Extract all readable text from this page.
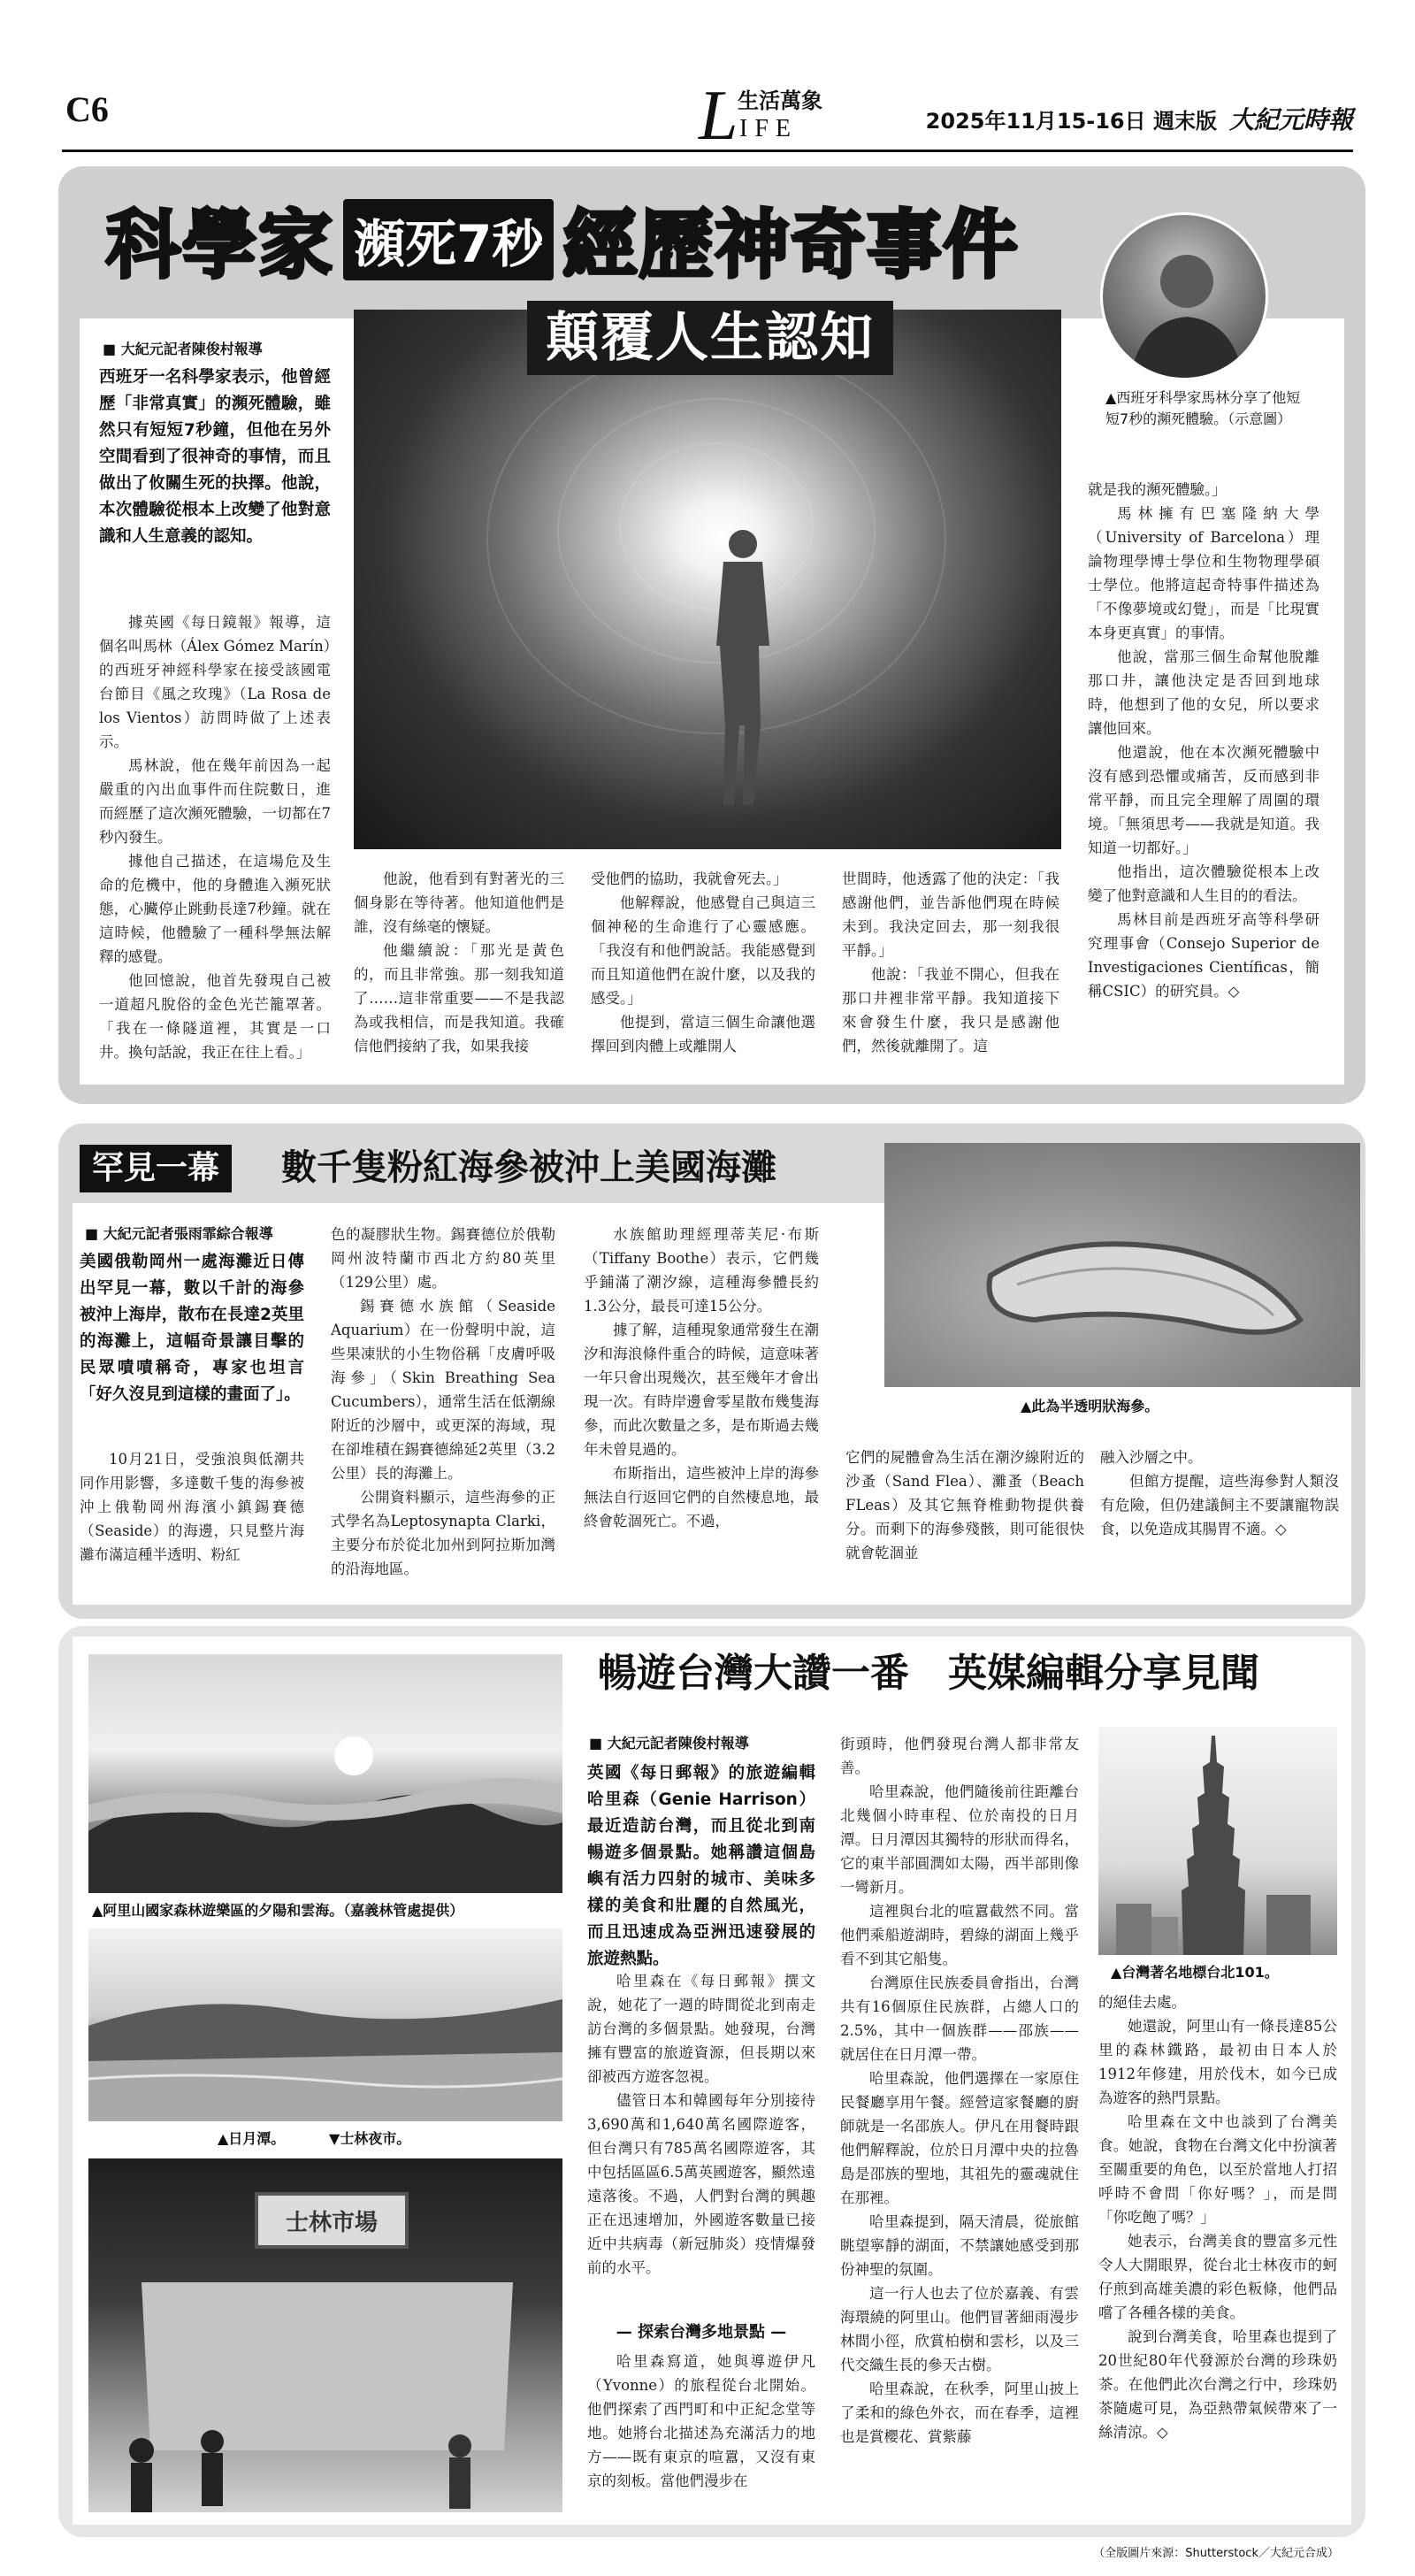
C6	L 生活萬象
IFE	2025年11月15-16日 週末版 大紀元時報
科學家 瀕死7秒 經歷神奇事件
顛覆人生認知
▲西班牙科學家馬林分享了他短短7秒的瀕死體驗。（示意圖）
■ 大紀元記者陳俊村報導
西班牙一名科學家表示，他曾經歷「非常真實」的瀕死體驗，雖然只有短短7秒鐘，但他在另外空間看到了很神奇的事情，而且做出了攸關生死的抉擇。他說，本次體驗從根本上改變了他對意識和人生意義的認知。

據英國《每日鏡報》報導，這個名叫馬林（Álex Gómez Marín）的西班牙神經科學家在接受該國電台節目《風之玫瑰》（La Rosa de los Vientos）訪問時做了上述表示。

馬林說，他在幾年前因為一起嚴重的內出血事件而住院數日，進而經歷了這次瀕死體驗，一切都在7秒內發生。

據他自己描述，在這場危及生命的危機中，他的身體進入瀕死狀態，心臟停止跳動長達7秒鐘。就在這時候，他體驗了一種科學無法解釋的感覺。

他回憶說，他首先發現自己被一道超凡脫俗的金色光芒籠罩著。「我在一條隧道裡，其實是一口井。換句話說，我正在往上看。」

他說，他看到有對著光的三個身影在等待著。他知道他們是誰，沒有絲毫的懷疑。

他繼續說：「那光是黃色的，而且非常強。那一刻我知道了……這非常重要——不是我認為或我相信，而是我知道。我確信他們接納了我，如果我接

受他們的協助，我就會死去。」

他解釋說，他感覺自己與這三個神秘的生命進行了心靈感應。「我沒有和他們說話。我能感覺到而且知道他們在說什麼，以及我的感受。」

他提到，當這三個生命讓他選擇回到肉體上或離開人

世間時，他透露了他的決定：「我感謝他們，並告訴他們現在時候未到。我決定回去，那一刻我很平靜。」

他說：「我並不開心，但我在那口井裡非常平靜。我知道接下來會發生什麼，我只是感謝他們，然後就離開了。這

就是我的瀕死體驗。」

馬林擁有巴塞隆納大學（University of Barcelona）理論物理學博士學位和生物物理學碩士學位。他將這起奇特事件描述為「不像夢境或幻覺」，而是「比現實本身更真實」的事情。

他說，當那三個生命幫他脫離那口井，讓他決定是否回到地球時，他想到了他的女兒，所以要求讓他回來。

他還說，他在本次瀕死體驗中沒有感到恐懼或痛苦，反而感到非常平靜，而且完全理解了周圍的環境。「無須思考——我就是知道。我知道一切都好。」

他指出，這次體驗從根本上改變了他對意識和人生目的的看法。

馬林目前是西班牙高等科學研究理事會（Consejo Superior de Investigaciones Científicas，簡稱CSIC）的研究員。◇

罕見一幕	數千隻粉紅海參被沖上美國海灘
▲此為半透明狀海參。
■ 大紀元記者張雨霏綜合報導
美國俄勒岡州一處海灘近日傳出罕見一幕，數以千計的海參被沖上海岸，散布在長達2英里的海灘上，這幅奇景讓目擊的民眾嘖嘖稱奇，專家也坦言「好久沒見到這樣的畫面了」。

10月21日，受強浪與低潮共同作用影響，多達數千隻的海參被沖上俄勒岡州海濱小鎮錫賽德（Seaside）的海邊，只見整片海灘布滿這種半透明、粉紅

色的凝膠狀生物。錫賽德位於俄勒岡州波特蘭市西北方約80英里（129公里）處。

錫賽德水族館（Seaside Aquarium）在一份聲明中說，這些果凍狀的小生物俗稱「皮膚呼吸海參」（Skin Breathing Sea Cucumbers），通常生活在低潮線附近的沙層中，或更深的海域，現在卻堆積在錫賽德綿延2英里（3.2公里）長的海灘上。

公開資料顯示，這些海參的正式學名為Leptosynapta Clarki，主要分布於從北加州到阿拉斯加灣的沿海地區。

水族館助理經理蒂芙尼·布斯（Tiffany Boothe）表示，它們幾乎鋪滿了潮汐線，這種海參體長約1.3公分，最長可達15公分。

據了解，這種現象通常發生在潮汐和海浪條件重合的時候，這意味著一年只會出現幾次，甚至幾年才會出現一次。有時岸邊會零星散布幾隻海參，而此次數量之多，是布斯過去幾年未曾見過的。

布斯指出，這些被沖上岸的海參無法自行返回它們的自然棲息地，最終會乾涸死亡。不過，

它們的屍體會為生活在潮汐線附近的沙蚤（Sand Flea）、灘蚤（Beach FLeas）及其它無脊椎動物提供養分。而剩下的海參殘骸，則可能很快就會乾涸並

融入沙層之中。

但館方提醒，這些海參對人類沒有危險，但仍建議飼主不要讓寵物誤食，以免造成其腸胃不適。◇

暢遊台灣大讚一番　英媒編輯分享見聞
▲阿里山國家森林遊樂區的夕陽和雲海。（嘉義林管處提供）
▲日月潭。	▼士林夜市。
士林市場
■ 大紀元記者陳俊村報導
英國《每日郵報》的旅遊編輯哈里森（Genie Harrison）最近造訪台灣，而且從北到南暢遊多個景點。她稱讚這個島嶼有活力四射的城市、美味多樣的美食和壯麗的自然風光，而且迅速成為亞洲迅速發展的旅遊熱點。

哈里森在《每日郵報》撰文說，她花了一週的時間從北到南走訪台灣的多個景點。她發現，台灣擁有豐富的旅遊資源，但長期以來卻被西方遊客忽視。

儘管日本和韓國每年分別接待3,690萬和1,640萬名國際遊客，但台灣只有785萬名國際遊客，其中包括區區6.5萬英國遊客，顯然遠遠落後。不過，人們對台灣的興趣正在迅速增加，外國遊客數量已接近中共病毒（新冠肺炎）疫情爆發前的水平。

— 探索台灣多地景點 —

哈里森寫道，她與導遊伊凡（Yvonne）的旅程從台北開始。他們探索了西門町和中正紀念堂等地。她將台北描述為充滿活力的地方——既有東京的喧囂，又沒有東京的刻板。當他們漫步在

街頭時，他們發現台灣人都非常友善。

哈里森說，他們隨後前往距離台北幾個小時車程、位於南投的日月潭。日月潭因其獨特的形狀而得名，它的東半部圓潤如太陽，西半部則像一彎新月。

這裡與台北的喧囂截然不同。當他們乘船遊湖時，碧綠的湖面上幾乎看不到其它船隻。

台灣原住民族委員會指出，台灣共有16個原住民族群，占總人口的2.5%，其中一個族群——邵族——就居住在日月潭一帶。

哈里森說，他們選擇在一家原住民餐廳享用午餐。經營這家餐廳的廚師就是一名邵族人。伊凡在用餐時跟他們解釋說，位於日月潭中央的拉魯島是邵族的聖地，其祖先的靈魂就住在那裡。

哈里森提到，隔天清晨，從旅館眺望寧靜的湖面，不禁讓她感受到那份神聖的氛圍。

這一行人也去了位於嘉義、有雲海環繞的阿里山。他們冒著細雨漫步林間小徑，欣賞柏樹和雲杉，以及三代交織生長的參天古樹。

哈里森說，在秋季，阿里山披上了柔和的綠色外衣，而在春季，這裡也是賞櫻花、賞紫藤

▲台灣著名地標台北101。

的絕佳去處。

她還說，阿里山有一條長達85公里的森林鐵路，最初由日本人於1912年修建，用於伐木，如今已成為遊客的熱門景點。

哈里森在文中也談到了台灣美食。她說，食物在台灣文化中扮演著至關重要的角色，以至於當地人打招呼時不會問「你好嗎？」，而是問「你吃飽了嗎？」

她表示，台灣美食的豐富多元性令人大開眼界，從台北士林夜市的蚵仔煎到高雄美濃的彩色粄條，他們品嚐了各種各樣的美食。

說到台灣美食，哈里森也提到了20世紀80年代發源於台灣的珍珠奶茶。在他們此次台灣之行中，珍珠奶茶隨處可見，為亞熱帶氣候帶來了一絲清涼。◇

（全版圖片來源：Shutterstock／大紀元合成）
